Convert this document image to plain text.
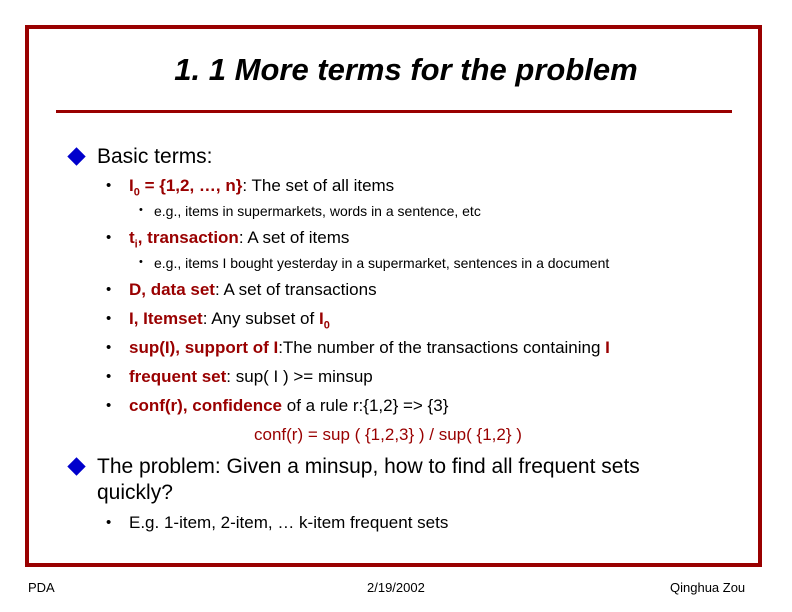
1. 1 More terms for the problem
Basic terms:
• $I_0 = \{1,2$, …, n}: The set of all items
• e.g., items in supermarkets, words in a sentence, etc
• $t_i$, transaction: A set of items
• e.g., items I bought yesterday in a supermarket, sentences in a document
• D, data set: A set of transactions
• I, Itemset: Any subset of $I_0$
• sup(I), support of I:The number of the transactions containing I
• frequent set: sup( I ) >= minsup
• conf(r), confidence of a rule r:{1,2} => {3}
conf(r) = sup ( {1,2,3} ) / sup( {1,2} )
The problem: Given a minsup, how to find all frequent sets
quickly?
• E.g. 1-item, 2-item, … k-item frequent sets
PDA	2/19/2002	Qinghua Zou
